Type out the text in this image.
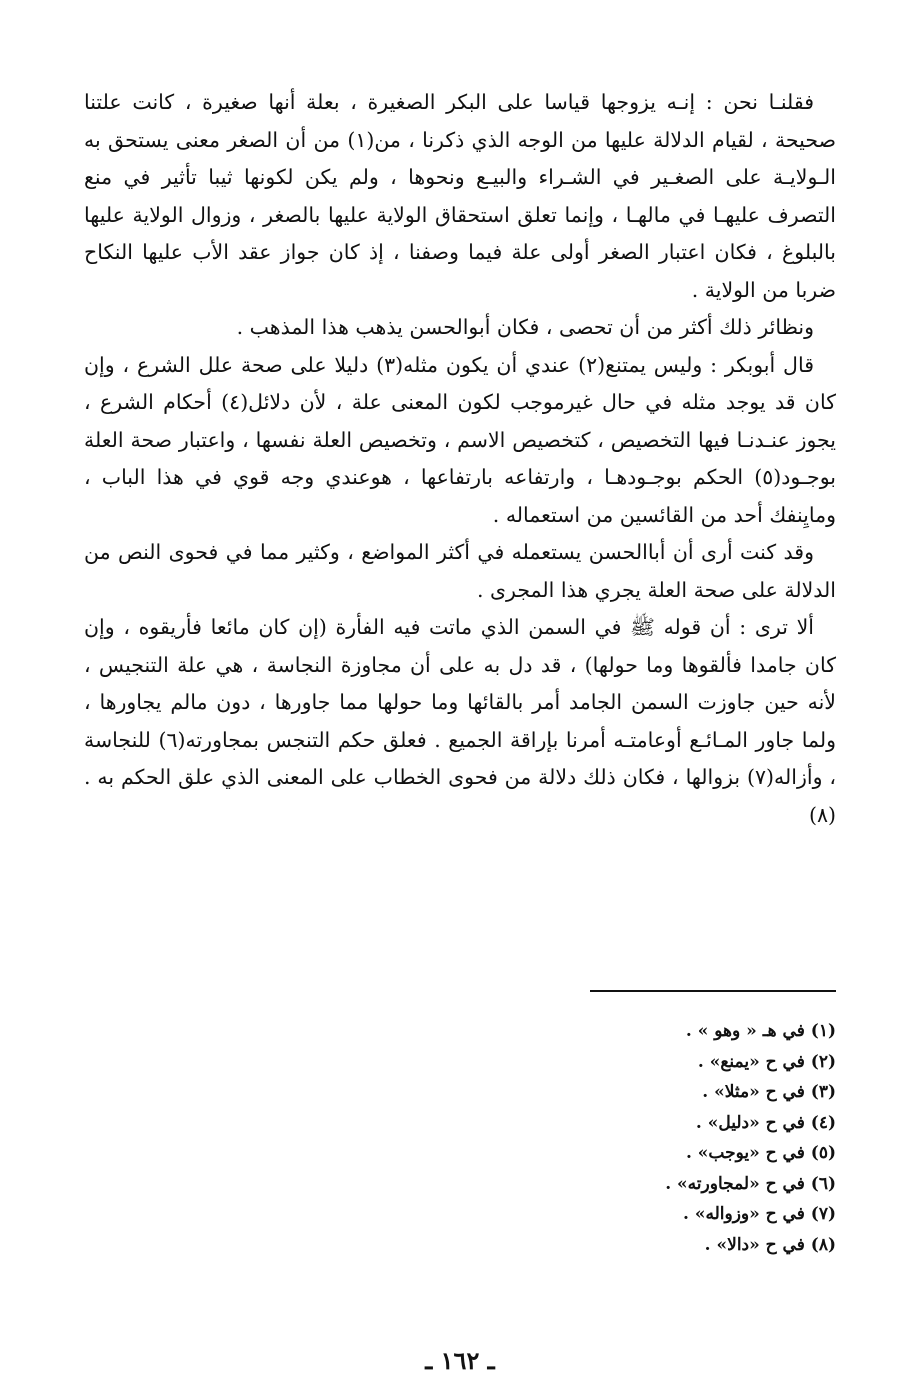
فقلنـا نحن : إنـه يزوجها قياسا على البكر الصغيرة ، بعلة أنها صغيرة ، كانت علتنا صحيحة ، لقيام الدلالة عليها من الوجه الذي ذكرنا ، من(١) من أن الصغر معنى يستحق به الـولايـة على الصغـير في الشـراء والبيـع ونحوها ، ولم يكن لكونها ثيبا تأثير في منع التصرف عليهـا في مالهـا ، وإنما تعلق استحقاق الولاية عليها بالصغر ، وزوال الولاية عليها بالبلوغ ، فكان اعتبار الصغر أولى علة فيما وصفنا ، إذ كان جواز عقد الأب عليها النكاح ضربا من الولاية .

ونظائر ذلك أكثر من أن تحصى ، فكان أبوالحسن يذهب هذا المذهب .

قال أبوبكر : وليس يمتنع(٢) عندي أن يكون مثله(٣) دليلا على صحة علل الشرع ، وإن كان قد يوجد مثله في حال غيرموجب لكون المعنى علة ، لأن دلائل(٤) أحكام الشرع ، يجوز عنـدنـا فيها التخصيص ، كتخصيص الاسم ، وتخصيص العلة نفسها ، واعتبار صحة العلة بوجـود(٥) الحكم بوجـودهـا ، وارتفاعه بارتفاعها ، هوعندي وجه قوي في هذا الباب ، ومايِنفك أحد من القائسين من استعماله .

وقد كنت أرى أن أباالحسن يستعمله في أكثر المواضع ، وكثير مما في فحوى النص من الدلالة على صحة العلة يجري هذا المجرى .

ألا ترى : أن قوله ﷺ في السمن الذي ماتت فيه الفأرة (إن كان مائعا فأريقوه ، وإن كان جامدا فألقوها وما حولها) ، قد دل به على أن مجاوزة النجاسة ، هي علة التنجيس ، لأنه حين جاوزت السمن الجامد أمر بالقائها وما حولها مما جاورها ، دون مالم يجاورها ، ولما جاور المـائـع أوعامتـه أمرنا بإراقة الجميع . فعلق حكم التنجس بمجاورته(٦) للنجاسة ، وأزاله(٧) بزوالها ، فكان ذلك دلالة من فحوى الخطاب على المعنى الذي علق الحكم به . (٨)

(١) في هـ « وهو » .
(٢) في ح «يمنع» .
(٣) في ح «مثلا» .
(٤) في ح «دليل» .
(٥) في ح «يوجب» .
(٦) في ح «لمجاورته» .
(٧) في ح «وزواله» .
(٨) في ح «دالا» .
ـ ١٦٢ ـ
